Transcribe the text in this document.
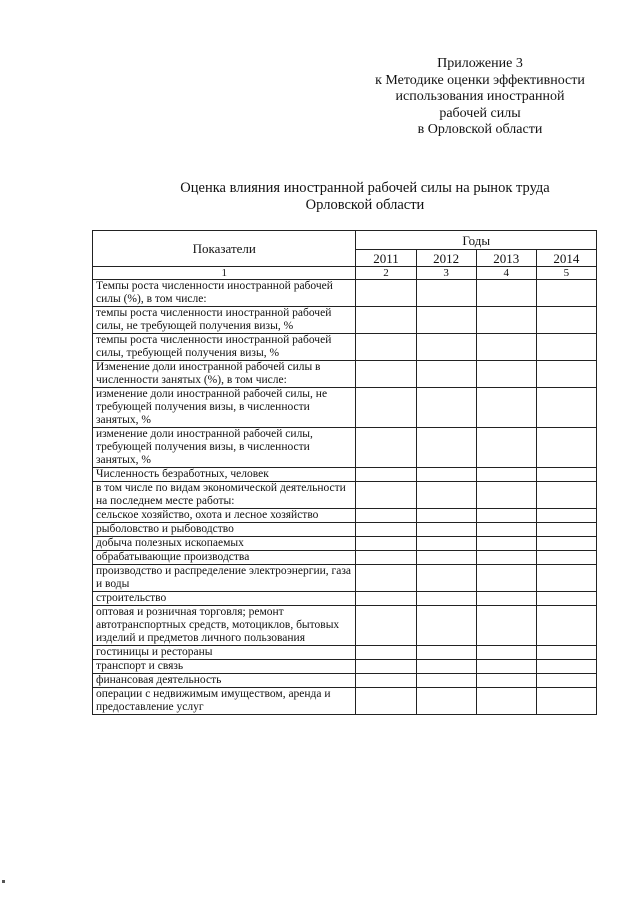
Приложение 3
к Методике оценки эффективности
использования иностранной
рабочей силы
в Орловской области
Оценка влияния иностранной рабочей силы на рынок труда
Орловской области
Показатели	Годы			
	2011	2012	2013	2014
1	2	3	4	5
Темпы роста численности иностранной рабочей силы (%), в том числе:				
темпы роста численности иностранной рабочей силы, не требующей получения визы, %				
темпы роста численности иностранной рабочей силы, требующей получения визы, %				
Изменение доли иностранной рабочей силы в численности занятых (%), в том числе:				
изменение доли иностранной рабочей силы, не требующей получения визы, в численности занятых, %				
изменение доли иностранной рабочей силы, требующей получения визы, в численности занятых, %				
Численность безработных, человек				
в том числе по видам экономической деятельности на последнем месте работы:				
сельское хозяйство, охота и лесное хозяйство				
рыболовство и рыбоводство				
добыча полезных ископаемых				
обрабатывающие производства				
производство и распределение электроэнергии, газа и воды				
строительство				
оптовая и розничная торговля; ремонт автотранспортных средств, мотоциклов, бытовых изделий и предметов личного пользования				
гостиницы и рестораны				
транспорт и связь				
финансовая деятельность				
операции с недвижимым имуществом, аренда и предоставление услуг				
